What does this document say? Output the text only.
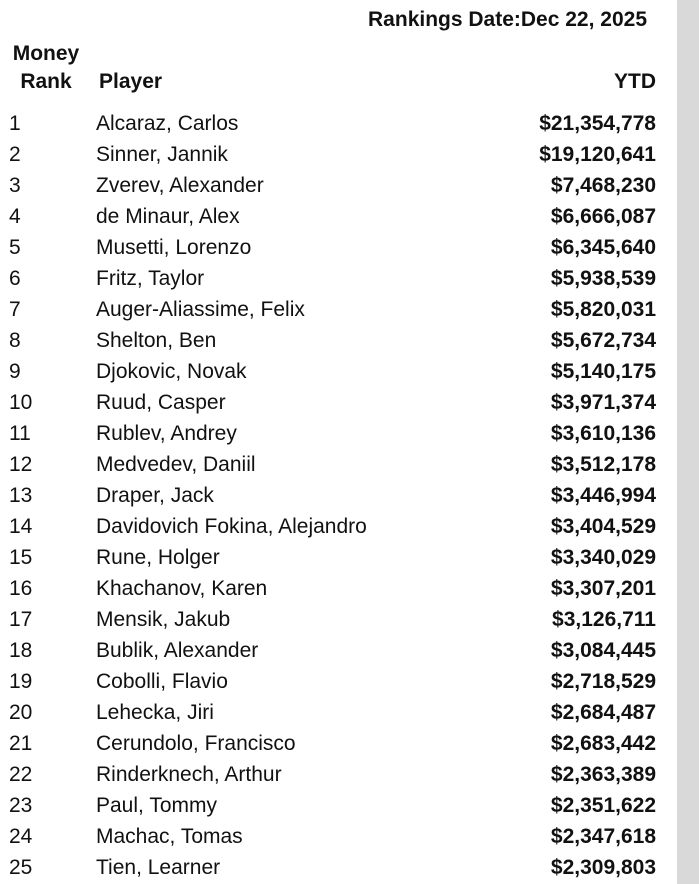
Rankings Date:Dec 22, 2025
Money
Rank	Player	YTD
1	Alcaraz, Carlos	$21,354,778
2	Sinner, Jannik	$19,120,641
3	Zverev, Alexander	$7,468,230
4	de Minaur, Alex	$6,666,087
5	Musetti, Lorenzo	$6,345,640
6	Fritz, Taylor	$5,938,539
7	Auger-Aliassime, Felix	$5,820,031
8	Shelton, Ben	$5,672,734
9	Djokovic, Novak	$5,140,175
10	Ruud, Casper	$3,971,374
11	Rublev, Andrey	$3,610,136
12	Medvedev, Daniil	$3,512,178
13	Draper, Jack	$3,446,994
14	Davidovich Fokina, Alejandro	$3,404,529
15	Rune, Holger	$3,340,029
16	Khachanov, Karen	$3,307,201
17	Mensik, Jakub	$3,126,711
18	Bublik, Alexander	$3,084,445
19	Cobolli, Flavio	$2,718,529
20	Lehecka, Jiri	$2,684,487
21	Cerundolo, Francisco	$2,683,442
22	Rinderknech, Arthur	$2,363,389
23	Paul, Tommy	$2,351,622
24	Machac, Tomas	$2,347,618
25	Tien, Learner	$2,309,803
